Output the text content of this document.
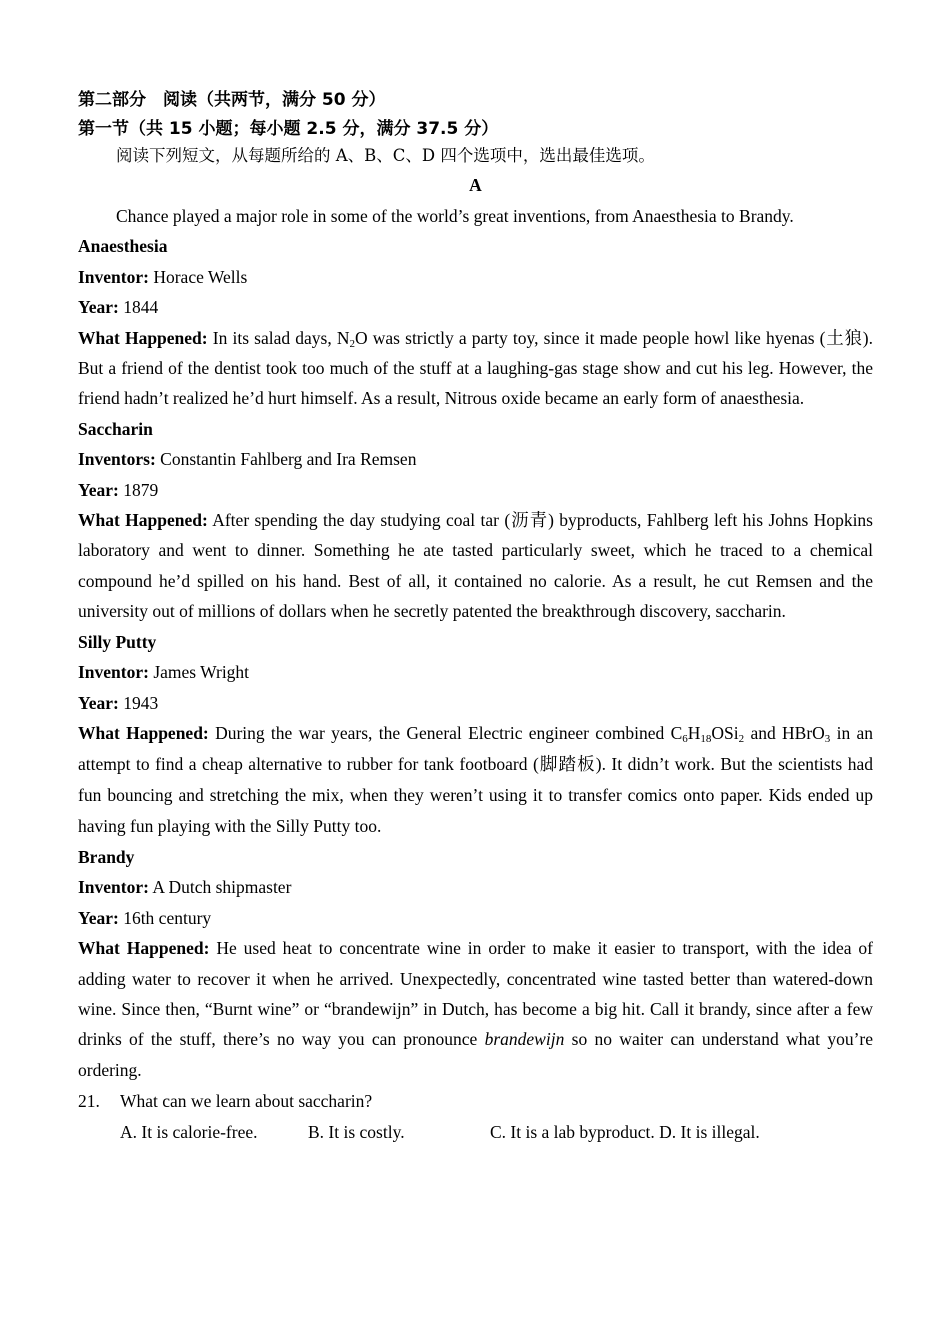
第二部分　阅读（共两节，满分 50 分）
第一节（共 15 小题；每小题 2.5 分，满分 37.5 分）
阅读下列短文，从每题所给的 A、B、C、D 四个选项中，选出最佳选项。
A
Chance played a major role in some of the world’s great inventions, from Anaesthesia to Brandy.
Anaesthesia
Inventor: Horace Wells
Year: 1844
What Happened: In its salad days, $N_2O$ was strictly a party toy, since it made people howl like hyenas (土狼). But a friend of the dentist took too much of the stuff at a laughing-gas stage show and cut his leg. However, the friend hadn’t realized he’d hurt himself. As a result, Nitrous oxide became an early form of anaesthesia.
Saccharin
Inventors: Constantin Fahlberg and Ira Remsen
Year: 1879
What Happened: After spending the day studying coal tar (沥青) byproducts, Fahlberg left his Johns Hopkins laboratory and went to dinner. Something he ate tasted particularly sweet, which he traced to a chemical compound he’d spilled on his hand. Best of all, it contained no calorie. As a result, he cut Remsen and the university out of millions of dollars when he secretly patented the breakthrough discovery, saccharin.
Silly Putty
Inventor: James Wright
Year: 1943
What Happened: During the war years, the General Electric engineer combined $C_6H_{18}OSi_2$ and HBrO$_3$ in an attempt to find a cheap alternative to rubber for tank footboard (脚踏板). It didn’t work. But the scientists had fun bouncing and stretching the mix, when they weren’t using it to transfer comics onto paper. Kids ended up having fun playing with the Silly Putty too.
Brandy
Inventor: A Dutch shipmaster
Year: 16th century
What Happened: He used heat to concentrate wine in order to make it easier to transport, with the idea of adding water to recover it when he arrived. Unexpectedly, concentrated wine tasted better than watered-down wine. Since then, “Burnt wine” or “brandewijn” in Dutch, has become a big hit. Call it brandy, since after a few drinks of the stuff, there’s no way you can pronounce brandewijn so no waiter can understand what you’re ordering.
21. What can we learn about saccharin?
A. It is calorie-free.	B. It is costly.	C. It is a lab byproduct. D. It is illegal.
